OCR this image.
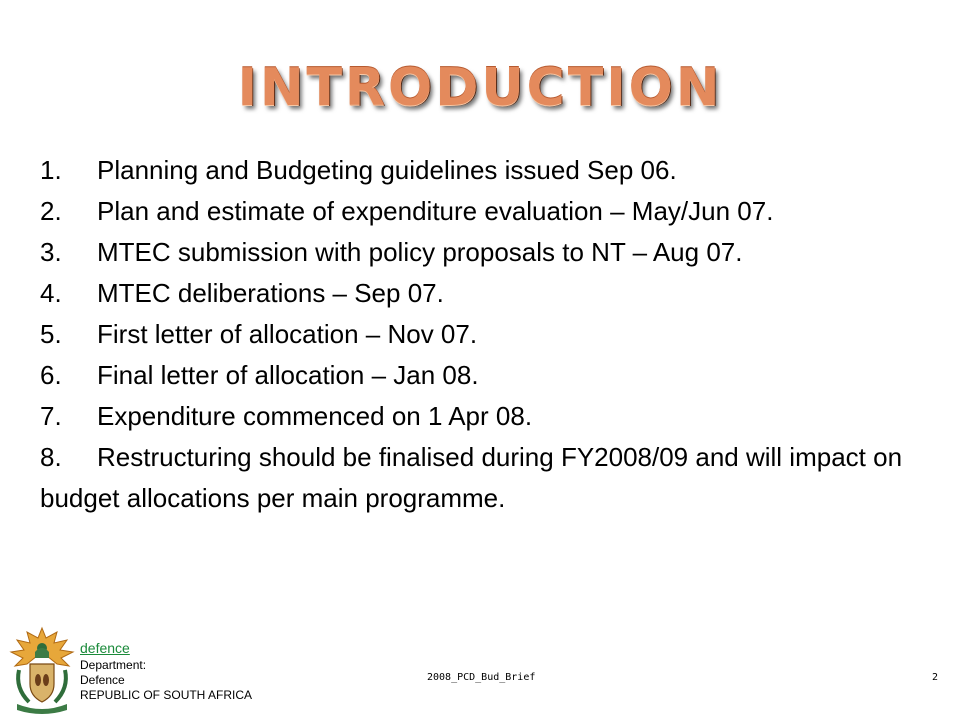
INTRODUCTION
1. Planning and Budgeting guidelines issued Sep 06.
2. Plan and estimate of expenditure evaluation – May/Jun 07.
3. MTEC submission with policy proposals to NT – Aug 07.
4. MTEC deliberations – Sep 07.
5. First letter of allocation – Nov 07.
6. Final letter of allocation – Jan 08.
7. Expenditure commenced on 1 Apr 08.
8. Restructuring should be finalised during FY2008/09 and will impact on budget allocations per main programme.
defence
Department:
Defence
REPUBLIC OF SOUTH AFRICA
2008_PCD_Bud_Brief	2
